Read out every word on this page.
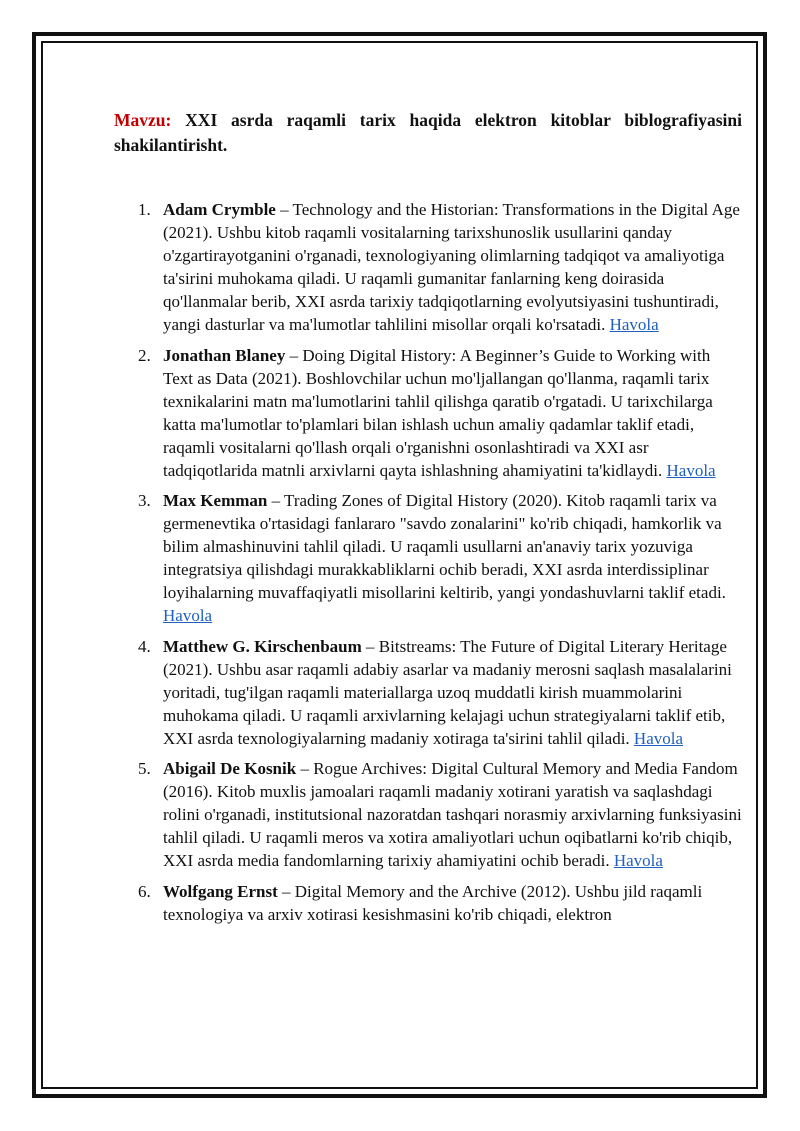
Mavzu: XXI asrda raqamli tarix haqida elektron kitoblar biblografiyasini shakilantirisht.
1. Adam Crymble – Technology and the Historian: Transformations in the Digital Age (2021). Ushbu kitob raqamli vositalarning tarixshunoslik usullarini qanday o'zgartirayotganini o'rganadi, texnologiyaning olimlarning tadqiqot va amaliyotiga ta'sirini muhokama qiladi. U raqamli gumanitar fanlarning keng doirasida qo'llanmalar berib, XXI asrda tarixiy tadqiqotlarning evolyutsiyasini tushuntiradi, yangi dasturlar va ma'lumotlar tahlilini misollar orqali ko'rsatadi. Havola
2. Jonathan Blaney – Doing Digital History: A Beginner’s Guide to Working with Text as Data (2021). Boshlovchilar uchun mo'ljallangan qo'llanma, raqamli tarix texnikalarini matn ma'lumotlarini tahlil qilishga qaratib o'rgatadi. U tarixchilarga katta ma'lumotlar to'plamlari bilan ishlash uchun amaliy qadamlar taklif etadi, raqamli vositalarni qo'llash orqali o'rganishni osonlashtiradi va XXI asr tadqiqotlarida matnli arxivlarni qayta ishlashning ahamiyatini ta'kidlaydi. Havola
3. Max Kemman – Trading Zones of Digital History (2020). Kitob raqamli tarix va germenevtika o'rtasidagi fanlararo "savdo zonalarini" ko'rib chiqadi, hamkorlik va bilim almashinuvini tahlil qiladi. U raqamli usullarni an'anaviy tarix yozuviga integratsiya qilishdagi murakkabliklarni ochib beradi, XXI asrda interdissiplinar loyihalarning muvaffaqiyatli misollarini keltirib, yangi yondashuvlarni taklif etadi. Havola
4. Matthew G. Kirschenbaum – Bitstreams: The Future of Digital Literary Heritage (2021). Ushbu asar raqamli adabiy asarlar va madaniy merosni saqlash masalalarini yoritadi, tug'ilgan raqamli materiallarga uzoq muddatli kirish muammolarini muhokama qiladi. U raqamli arxivlarning kelajagi uchun strategiyalarni taklif etib, XXI asrda texnologiyalarning madaniy xotiraga ta'sirini tahlil qiladi. Havola
5. Abigail De Kosnik – Rogue Archives: Digital Cultural Memory and Media Fandom (2016). Kitob muxlis jamoalari raqamli madaniy xotirani yaratish va saqlashdagi rolini o'rganadi, institutsional nazoratdan tashqari norasmiy arxivlarning funksiyasini tahlil qiladi. U raqamli meros va xotira amaliyotlari uchun oqibatlarni ko'rib chiqib, XXI asrda media fandomlarning tarixiy ahamiyatini ochib beradi. Havola
6. Wolfgang Ernst – Digital Memory and the Archive (2012). Ushbu jild raqamli texnologiya va arxiv xotirasi kesishmasini ko'rib chiqadi, elektron
